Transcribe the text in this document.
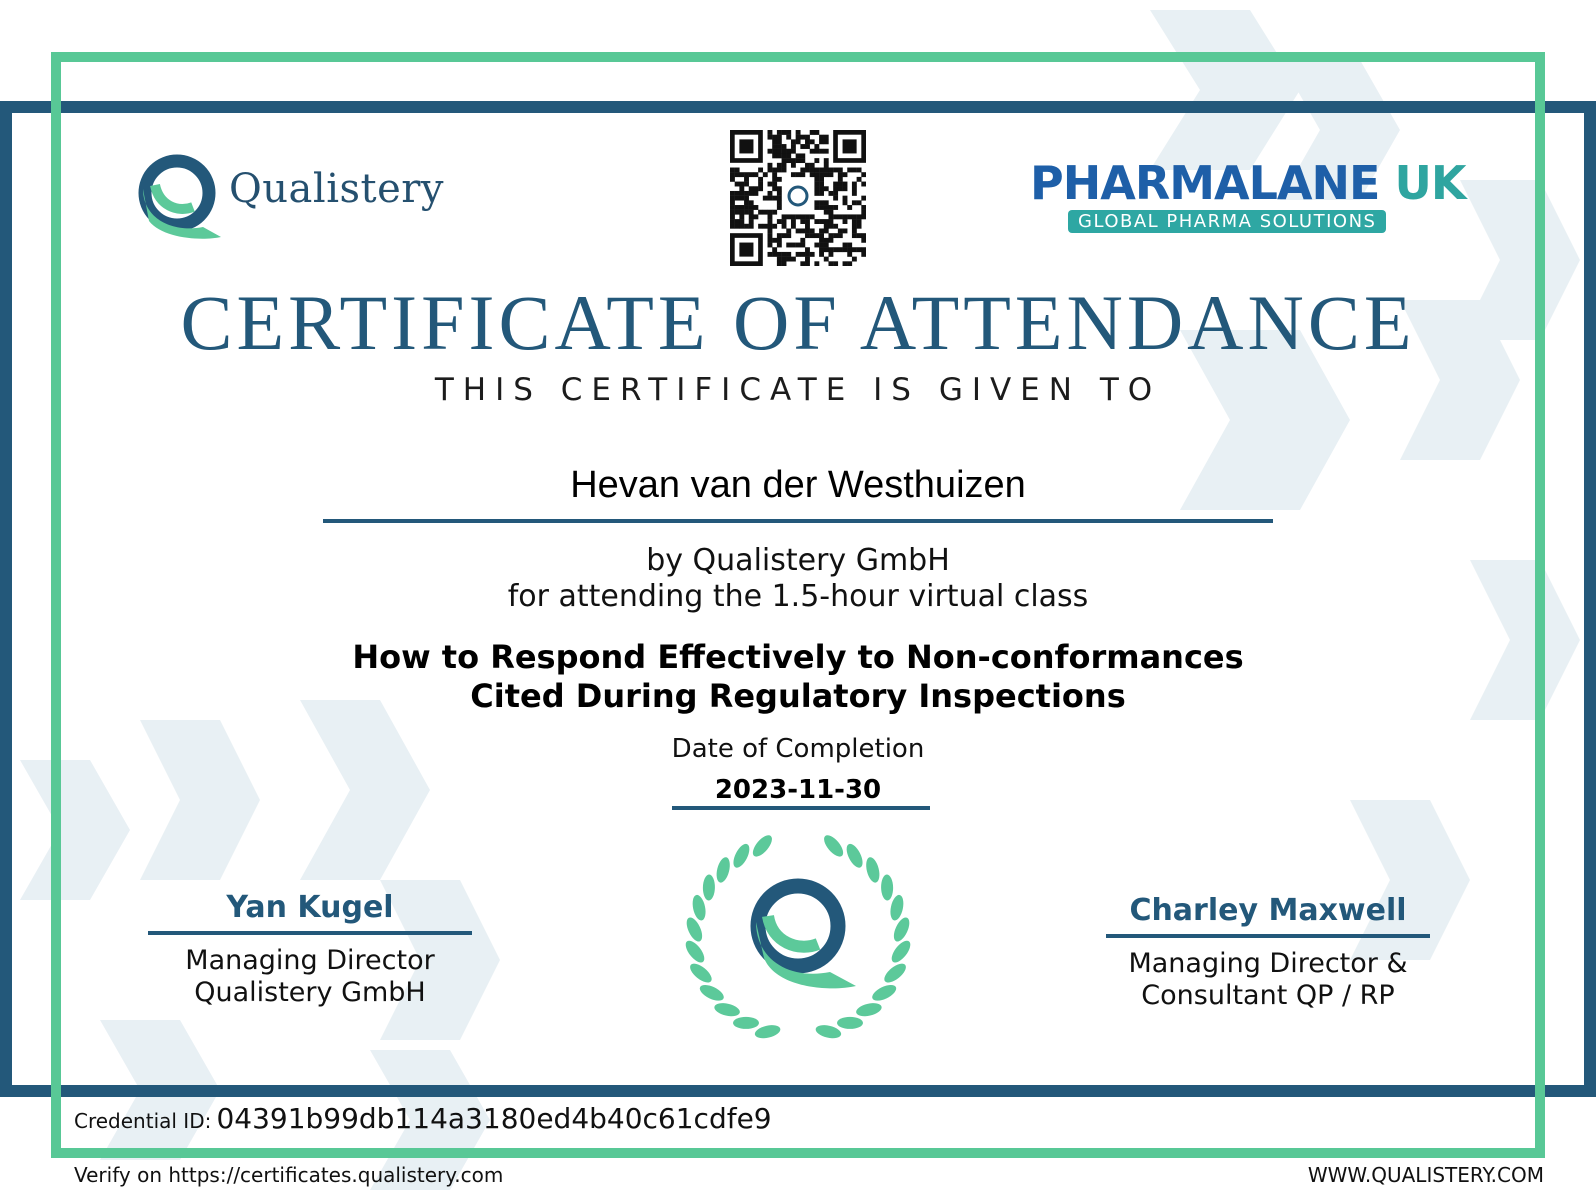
Qualistery	PHARMALANE UK
GLOBAL PHARMA SOLUTIONS
CERTIFICATE OF ATTENDANCE
THIS CERTIFICATE IS GIVEN TO
Hevan van der Westhuizen
by Qualistery GmbH
for attending the 1.5-hour virtual class
How to Respond Effectively to Non-conformances
Cited During Regulatory Inspections
Date of Completion
2023-11-30
Yan Kugel
Managing Director
Qualistery GmbH
Charley Maxwell
Managing Director &
Consultant QP / RP
Credential ID: 04391b99db114a3180ed4b40c61cdfe9
Verify on https://certificates.qualistery.com	WWW.QUALISTERY.COM
